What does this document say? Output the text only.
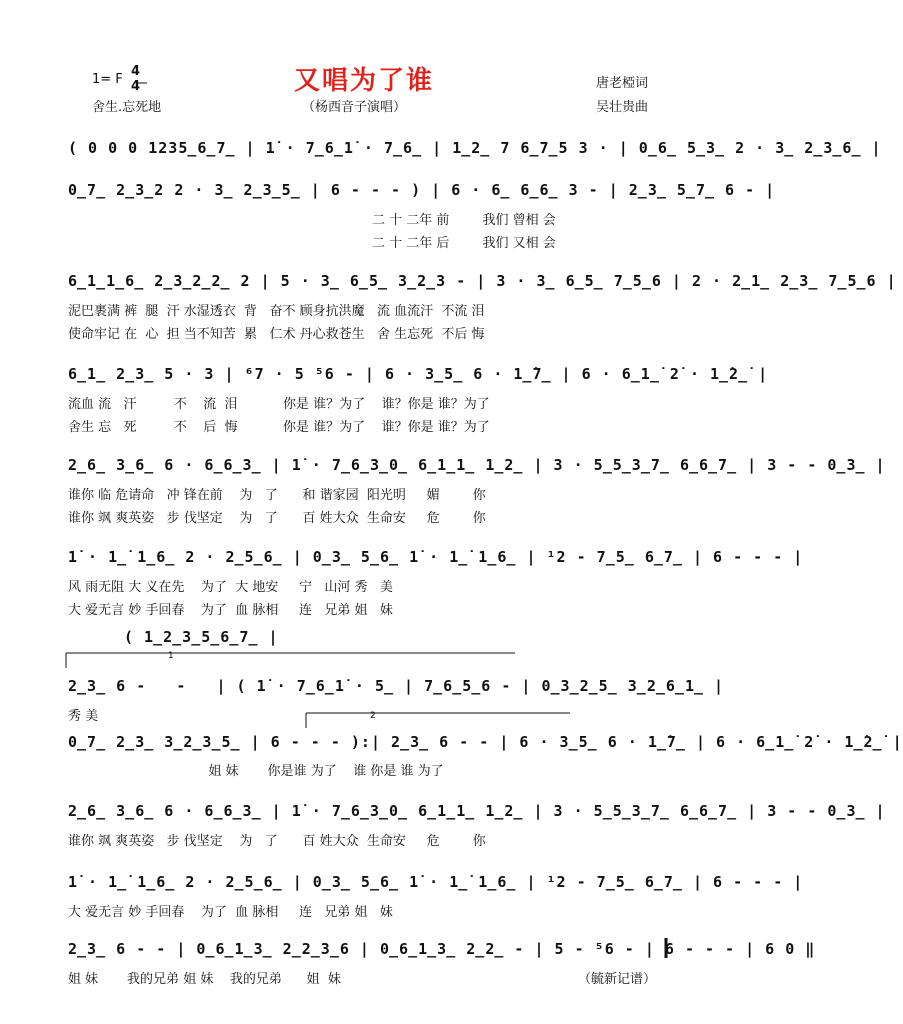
1= F
4
4
舍生.忘死地
又唱为了谁
（杨西音子演唱）
唐老椏词
吴壮贵曲
1
2
( 0 0 0 1235̲6̲7̲ | 1̇ · 7̲6̲1̇ · 7̲6̲ | 1̲2̲ 7 6̲7̲5 3 · | 0̲6̲ 5̲3̲ 2 · 3̲ 2̲3̲6̲ |
0̲7̲ 2̲3̲2 2 · 3̲ 2̲3̲5̲ | 6 - - - ) | 6 · 6̲ 6̲6̲ 3 - | 2̲3̲ 5̲7̲ 6 - |
二 十 二年 前        我们 曾相 会
二 十 二年 后        我们 又相 会
6̲1̲1̲6̲ 2̲3̲2̲2̲ 2 | 5 · 3̲ 6̲5̲ 3̲2̲3 - | 3 · 3̲ 6̲5̲ 7̲5̲6 | 2 · 2̲1̲ 2̲3̲ 7̲5̲6 |
泥巴裹满 裤  腿  汗 水湿透衣  背   奋不 顾身抗洪魔   流 血流汗  不流 泪
使命牢记 在  心  担 当不知苦  累   仁术 丹心救苍生   舍 生忘死  不后 悔
6̲1̲ 2̲3̲ 5 · 3 | ⁶7 · 5 ⁵6 - | 6 · 3̲5̲ 6 · 1̲̇7̲ | 6 · 6̲1̲̇ 2̇ · 1̲̇2̲̇ |
流血 流   汗         不    流  泪           你是 谁？为了    谁？你是 谁？为了
舍生 忘   死         不    后  悔           你是 谁？为了    谁？你是 谁？为了
2̲6̲ 3̲6̲ 6 · 6̲6̲3̲ | 1̇ · 7̲6̲3̲0̲ 6̲1̲1̲ 1̲2̲ | 3 · 5̲5̲3̲7̲ 6̲6̲7̲ | 3 - - 0̲3̲ |
谁你 临 危请命   冲 锋在前    为   了      和 谐家园  阳光明     媚        你
谁你 飒 爽英姿   步 伐坚定    为   了      百 姓大众  生命安     危        你
1̇ · 1̲̇ 1̲6̲ 2 · 2̲5̲6̲ | 0̲3̲ 5̲6̲ 1̇ · 1̲̇ 1̲6̲ | ¹2 - 7̲5̲ 6̲7̲ | 6 - - - |
风 雨无阻 大 义在先    为了  大 地安     宁   山河 秀   美
大 爱无言 妙 手回春    为了  血 脉相     连   兄弟 姐   妹
( 1̲2̲3̲5̲6̲7̲ |
2̲3̲ 6 -   -   | ( 1̇ · 7̲6̲1̇ · 5̲ | 7̲6̲5̲6 - | 0̲3̲2̲5̲ 3̲2̲6̲1̲ |
秀 美
0̲7̲ 2̲3̲ 3̲2̲3̲5̲ | 6 - - - ):| 2̲3̲ 6 - - | 6 · 3̲5̲ 6 · 1̲̇7̲ | 6 · 6̲1̲̇ 2̇ · 1̲̇2̲̇ |
姐 妹       你是谁 为了    谁 你是 谁 为了
2̲6̲ 3̲6̲ 6 · 6̲6̲3̲ | 1̇ · 7̲6̲3̲0̲ 6̲1̲1̲ 1̲2̲ | 3 · 5̲5̲3̲7̲ 6̲6̲7̲ | 3 - - 0̲3̲ |
谁你 飒 爽英姿   步 伐坚定    为   了      百 姓大众  生命安     危        你
1̇ · 1̲̇ 1̲6̲ 2 · 2̲5̲6̲ | 0̲3̲ 5̲6̲ 1̇ · 1̲̇ 1̲6̲ | ¹2 - 7̲5̲ 6̲7̲ | 6 - - - |
大 爱无言 妙 手回春    为了  血 脉相     连   兄弟 姐   妹
2̲3̲ 6 - - | 0̲6̲1̲3̲ 2̲2̲3̲6 | 0̲6̲1̲3̲ 2̲2̲ - | 5 - ⁵6 - | 6 - - - | 6 0 ‖
姐 妹       我的兄弟 姐 妹    我的兄弟      姐  妹	（毓新记谱）
